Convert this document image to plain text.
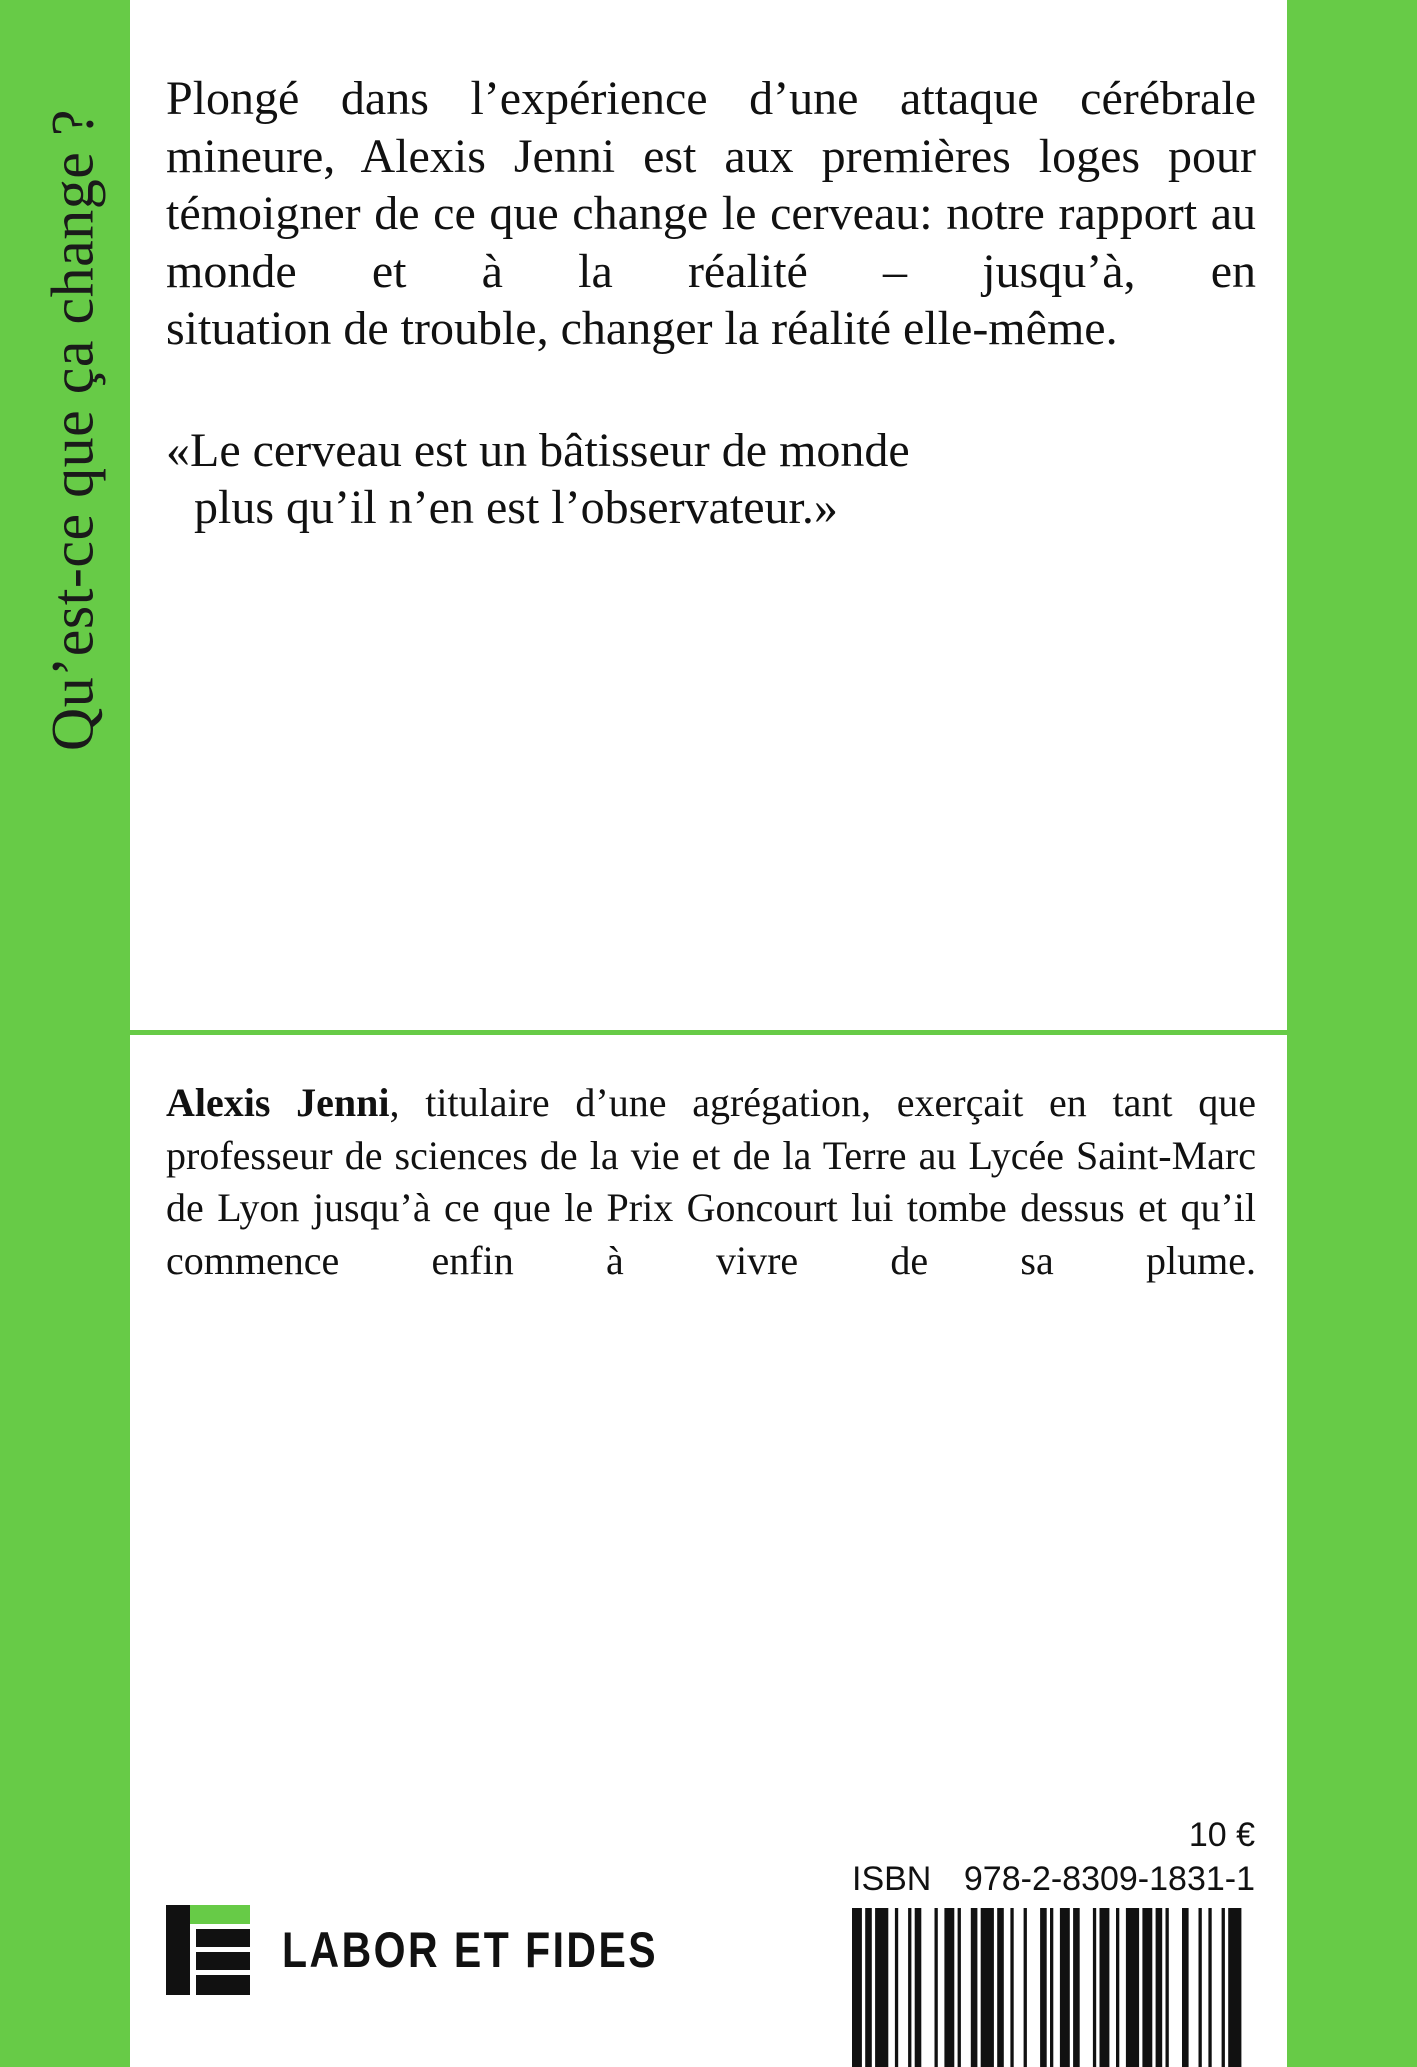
Qu’est-ce que ça change ?

Plongé dans l’expérience d’une attaque cérébrale mineure, Alexis Jenni est aux premières loges pour témoigner de ce que change le cerveau: notre rapport au monde et à la réalité – jusqu’à, en
situation de trouble, changer la réalité elle-même.

«Le cerveau est un bâtisseur de monde
plus qu’il n’en est l’observateur.»

Alexis Jenni, titulaire d’une agrégation, exerçait en tant que professeur de sciences de la vie et de la Terre au Lycée Saint-Marc de Lyon jusqu’à ce que le Prix Goncourt lui tombe dessus et qu’il commence enfin à vivre de sa plume.

LABOR ET FIDES
10 €
ISBN 978-2-8309-1831-1
